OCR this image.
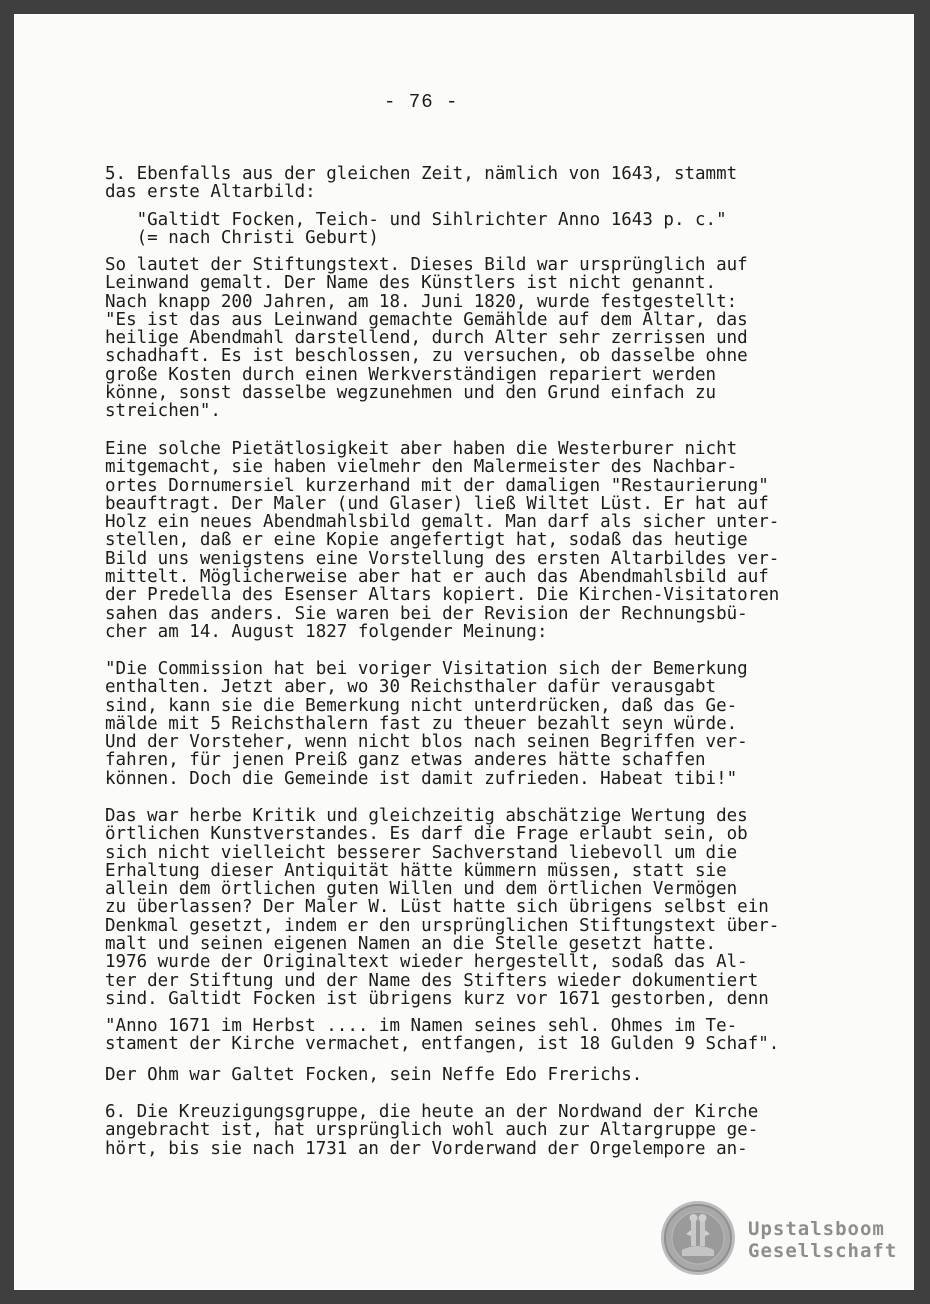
- 76 -
5. Ebenfalls aus der gleichen Zeit, nämlich von 1643, stammt
das erste Altarbild:
"Galtidt Focken, Teich- und Sihlrichter Anno 1643 p. c."
(= nach Christi Geburt)
So lautet der Stiftungstext. Dieses Bild war ursprünglich auf
Leinwand gemalt. Der Name des Künstlers ist nicht genannt.
Nach knapp 200 Jahren, am 18. Juni 1820, wurde festgestellt:
"Es ist das aus Leinwand gemachte Gemählde auf dem Altar, das
heilige Abendmahl darstellend, durch Alter sehr zerrissen und
schadhaft. Es ist beschlossen, zu versuchen, ob dasselbe ohne
große Kosten durch einen Werkverständigen repariert werden
könne, sonst dasselbe wegzunehmen und den Grund einfach zu
streichen".
Eine solche Pietätlosigkeit aber haben die Westerburer nicht
mitgemacht, sie haben vielmehr den Malermeister des Nachbar-
ortes Dornumersiel kurzerhand mit der damaligen "Restaurierung"
beauftragt. Der Maler (und Glaser) ließ Wiltet Lüst. Er hat auf
Holz ein neues Abendmahlsbild gemalt. Man darf als sicher unter-
stellen, daß er eine Kopie angefertigt hat, sodaß das heutige
Bild uns wenigstens eine Vorstellung des ersten Altarbildes ver-
mittelt. Möglicherweise aber hat er auch das Abendmahlsbild auf
der Predella des Esenser Altars kopiert. Die Kirchen-Visitatoren
sahen das anders. Sie waren bei der Revision der Rechnungsbü-
cher am 14. August 1827 folgender Meinung:
"Die Commission hat bei voriger Visitation sich der Bemerkung
enthalten. Jetzt aber, wo 30 Reichsthaler dafür verausgabt
sind, kann sie die Bemerkung nicht unterdrücken, daß das Ge-
mälde mit 5 Reichsthalern fast zu theuer bezahlt seyn würde.
Und der Vorsteher, wenn nicht blos nach seinen Begriffen ver-
fahren, für jenen Preiß ganz etwas anderes hätte schaffen
können. Doch die Gemeinde ist damit zufrieden. Habeat tibi!"
Das war herbe Kritik und gleichzeitig abschätzige Wertung des
örtlichen Kunstverstandes. Es darf die Frage erlaubt sein, ob
sich nicht vielleicht besserer Sachverstand liebevoll um die
Erhaltung dieser Antiquität hätte kümmern müssen, statt sie
allein dem örtlichen guten Willen und dem örtlichen Vermögen
zu überlassen? Der Maler W. Lüst hatte sich übrigens selbst ein
Denkmal gesetzt, indem er den ursprünglichen Stiftungstext über-
malt und seinen eigenen Namen an die Stelle gesetzt hatte.
1976 wurde der Originaltext wieder hergestellt, sodaß das Al-
ter der Stiftung und der Name des Stifters wieder dokumentiert
sind. Galtidt Focken ist übrigens kurz vor 1671 gestorben, denn
"Anno 1671 im Herbst .... im Namen seines sehl. Ohmes im Te-
stament der Kirche vermachet, entfangen, ist 18 Gulden 9 Schaf".
Der Ohm war Galtet Focken, sein Neffe Edo Frerichs.
6. Die Kreuzigungsgruppe, die heute an der Nordwand der Kirche
angebracht ist, hat ursprünglich wohl auch zur Altargruppe ge-
hört, bis sie nach 1731 an der Vorderwand der Orgelempore an-
Upstalsboom
Gesellschaft
